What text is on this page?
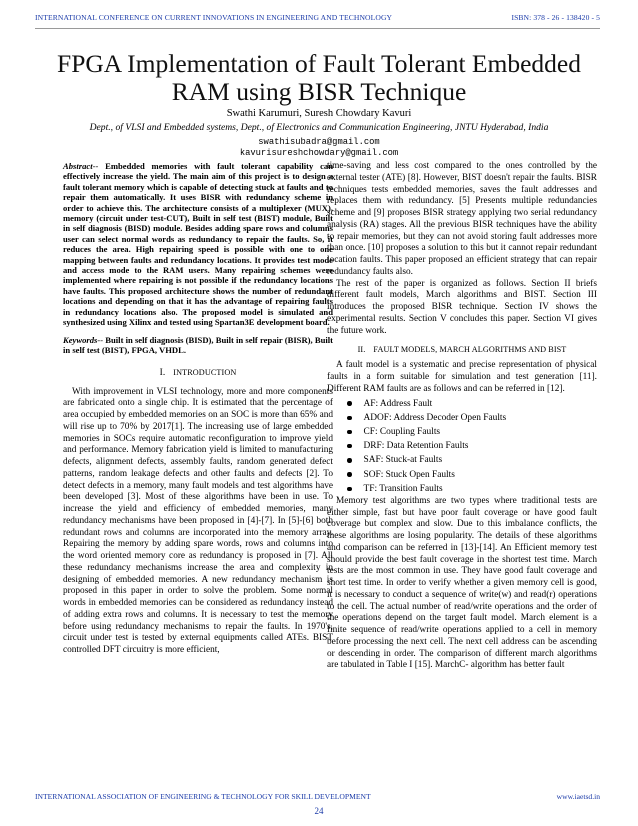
INTERNATIONAL CONFERENCE ON CURRENT INNOVATIONS IN ENGINEERING AND TECHNOLOGY	ISBN: 378 - 26 - 138420 - 5
FPGA Implementation of Fault Tolerant Embedded RAM using BISR Technique
Swathi Karumuri, Suresh Chowdary Kavuri
Dept., of VLSI and Embedded systems, Dept., of Electronics and Communication Engineering, JNTU Hyderabad, India
swathisubadra@gmail.com
kavurisureshchowdary@gmail.com

Abstract-- Embedded memories with fault tolerant capability can effectively increase the yield. The main aim of this project is to design a fault tolerant memory which is capable of detecting stuck at faults and to repair them automatically. It uses BISR with redundancy scheme in order to achieve this. The architecture consists of a multiplexer (MUX), memory (circuit under test-CUT), Built in self test (BIST) module, Built in self diagnosis (BISD) module. Besides adding spare rows and columns user can select normal words as redundancy to repair the faults. So, it reduces the area. High repairing speed is possible with one to one mapping between faults and redundancy locations. It provides test mode and access mode to the RAM users. Many repairing schemes were implemented where repairing is not possible if the redundancy locations have faults. This proposed architecture shows the number of redundant locations and depending on that it has the advantage of repairing faults in redundancy locations also. The proposed model is simulated and synthesized using Xilinx and tested using Spartan3E development board.

Keywords-- Built in self diagnosis (BISD), Built in self repair (BISR), Built in self test (BIST), FPGA, VHDL.

I. INTRODUCTION

With improvement in VLSI technology, more and more components are fabricated onto a single chip. It is estimated that the percentage of area occupied by embedded memories on an SOC is more than 65% and will rise up to 70% by 2017[1]. The increasing use of large embedded memories in SOCs require automatic reconfiguration to improve yield and performance. Memory fabrication yield is limited to manufacturing defects, alignment defects, assembly faults, random generated defect patterns, random leakage defects and other faults and defects [2]. To detect defects in a memory, many fault models and test algorithms have been developed [3]. Most of these algorithms have been in use. To increase the yield and efficiency of embedded memories, many redundancy mechanisms have been proposed in [4]-[7]. In [5]-[6] both redundant rows and columns are incorporated into the memory array. Repairing the memory by adding spare words, rows and columns into the word oriented memory core as redundancy is proposed in [7]. All these redundancy mechanisms increase the area and complexity in designing of embedded memories. A new redundancy mechanism is proposed in this paper in order to solve the problem. Some normal words in embedded memories can be considered as redundancy instead of adding extra rows and columns. It is necessary to test the memory before using redundancy mechanisms to repair the faults. In 1970's, circuit under test is tested by external equipments called ATEs. BIST controlled DFT circuitry is more efficient,

time-saving and less cost compared to the ones controlled by the external tester (ATE) [8]. However, BIST doesn't repair the faults. BISR techniques tests embedded memories, saves the fault addresses and replaces them with redundancy. [5] Presents multiple redundancies scheme and [9] proposes BISR strategy applying two serial redundancy analysis (RA) stages. All the previous BISR techniques have the ability to repair memories, but they can not avoid storing fault addresses more than once. [10] proposes a solution to this but it cannot repair redundant location faults. This paper proposed an efficient strategy that can repair redundancy faults also.

The rest of the paper is organized as follows. Section II briefs different fault models, March algorithms and BIST. Section III introduces the proposed BISR technique. Section IV shows the experimental results. Section V concludes this paper. Section VI gives the future work.

II. FAULT MODELS, MARCH ALGORITHMS AND BIST

A fault model is a systematic and precise representation of physical faults in a form suitable for simulation and test generation [11]. Different RAM faults are as follows and can be referred in [12].

AF: Address Fault
ADOF: Address Decoder Open Faults
CF: Coupling Faults
DRF: Data Retention Faults
SAF: Stuck-at Faults
SOF: Stuck Open Faults
TF: Transition Faults

Memory test algorithms are two types where traditional tests are either simple, fast but have poor fault coverage or have good fault coverage but complex and slow. Due to this imbalance conflicts, the these algorithms are losing popularity. The details of these algorithms and comparison can be referred in [13]-[14]. An Efficient memory test should provide the best fault coverage in the shortest test time. March tests are the most common in use. They have good fault coverage and short test time. In order to verify whether a given memory cell is good, it is necessary to conduct a sequence of write(w) and read(r) operations to the cell. The actual number of read/write operations and the order of the operations depend on the target fault model. March element is a finite sequence of read/write operations applied to a cell in memory before processing the next cell. The next cell address can be ascending or descending in order. The comparison of different march algorithms are tabulated in Table I [15]. MarchC- algorithm has better fault

INTERNATIONAL ASSOCIATION OF ENGINEERING & TECHNOLOGY FOR SKILL DEVELOPMENT	www.iaetsd.in
24
